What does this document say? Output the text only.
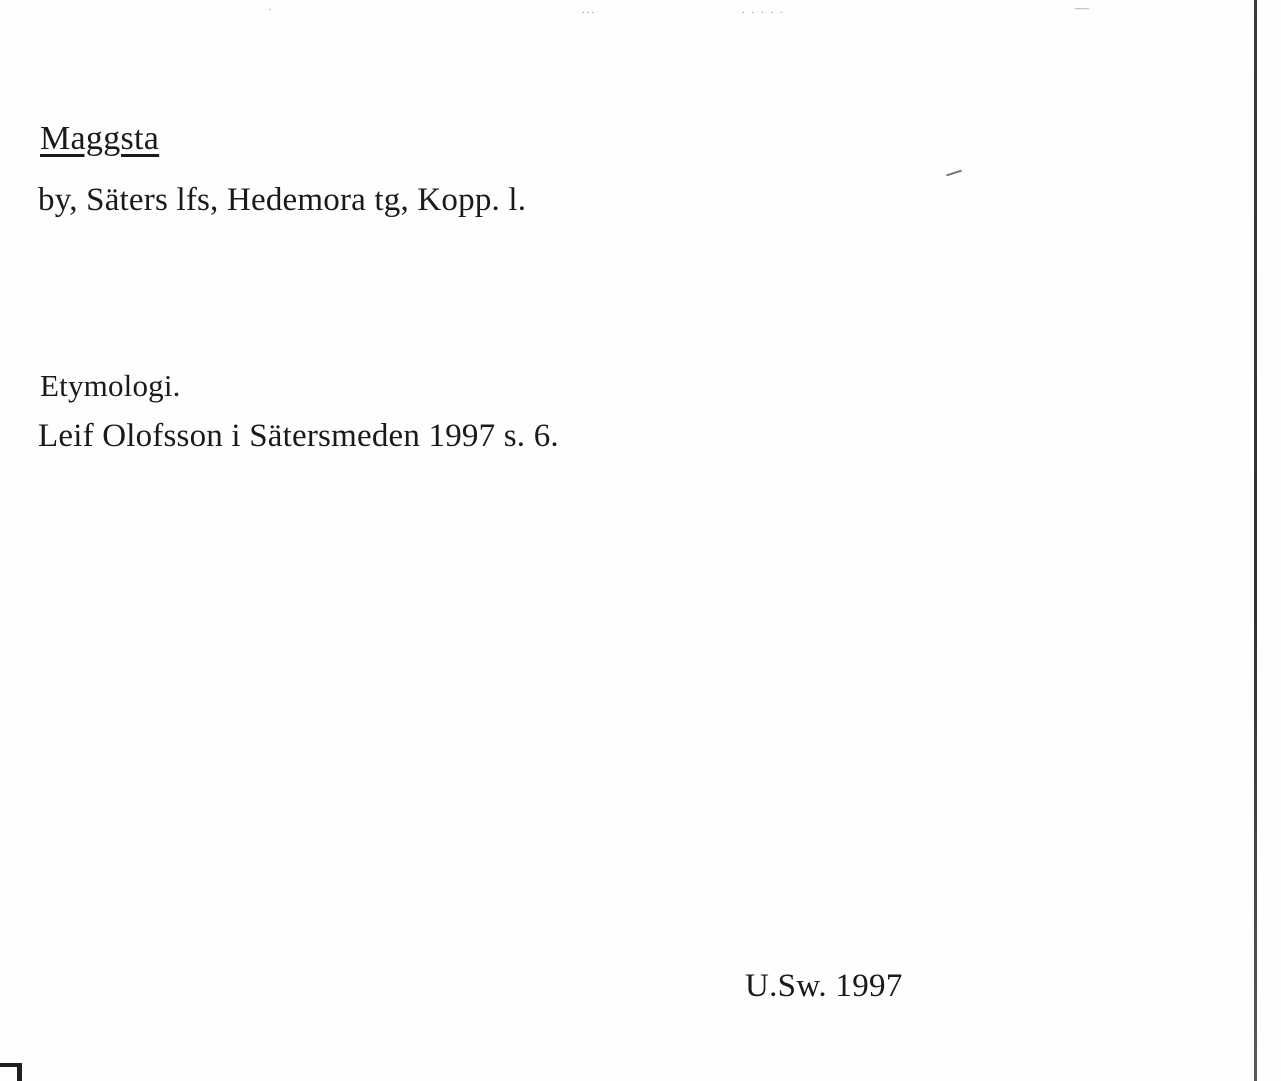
·	...	. . . . .	—
Maggsta
by, Säters lfs, Hedemora tg, Kopp. l.
Etymologi.
Leif Olofsson i Sätersmeden 1997 s. 6.
U.Sw. 1997
